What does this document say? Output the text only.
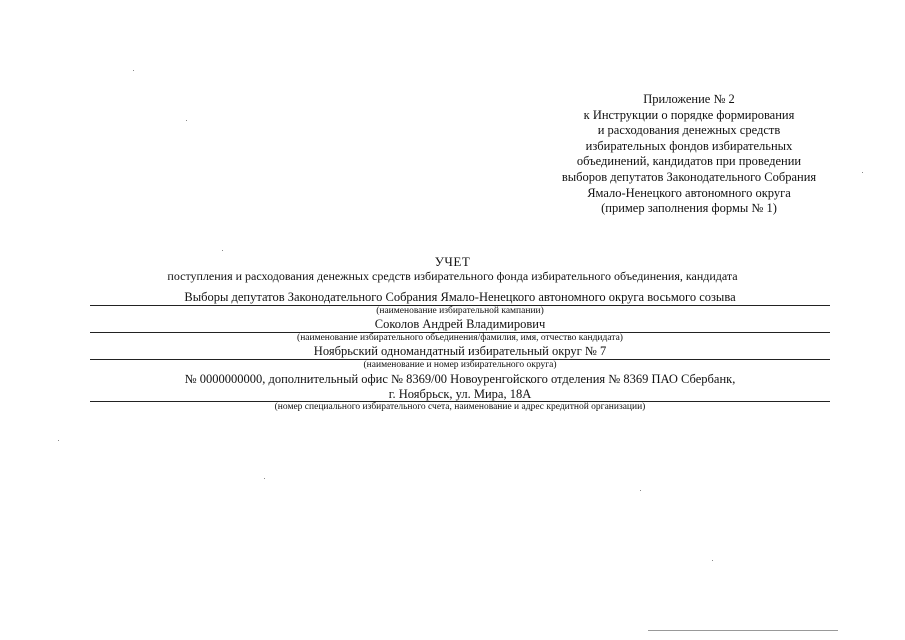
Приложение № 2
к Инструкции о порядке формирования
и расходования денежных средств
избирательных фондов избирательных
объединений, кандидатов при проведении
выборов депутатов Законодательного Собрания
Ямало-Ненецкого автономного округа
(пример заполнения формы № 1)
УЧЕТ
поступления и расходования денежных средств избирательного фонда избирательного объединения, кандидата
Выборы депутатов Законодательного Собрания Ямало-Ненецкого автономного округа восьмого созыва
(наименование избирательной кампании)
Соколов Андрей Владимирович
(наименование избирательного объединения/фамилия, имя, отчество кандидата)
Ноябрьский одномандатный избирательный округ № 7
(наименование и номер избирательного округа)
№ 0000000000, дополнительный офис № 8369/00 Новоуренгойского отделения № 8369 ПАО Сбербанк,
г. Ноябрьск, ул. Мира, 18А
(номер специального избирательного счета, наименование и адрес кредитной организации)
